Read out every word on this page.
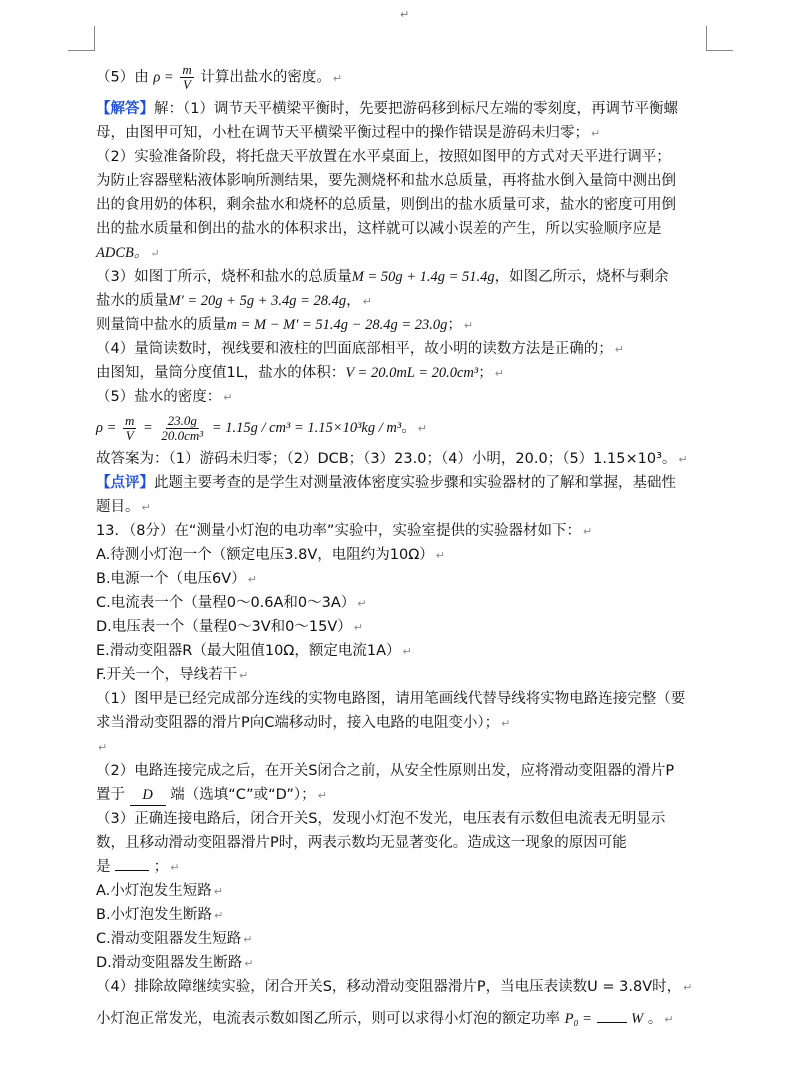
↵
（5）由 $\rho = \frac{m}{V}$ 计算出盐水的密度。 ↵
【解答】解：（1）调节天平横梁平衡时，先要把游码移到标尺左端的零刻度，再调节平衡螺
母，由图甲可知，小杜在调节天平横梁平衡过程中的操作错误是游码未归零； ↵
（2）实验准备阶段，将托盘天平放置在水平桌面上，按照如图甲的方式对天平进行调平；
为防止容器壁粘液体影响所测结果，要先测烧杯和盐水总质量，再将盐水倒入量筒中测出倒
出的食用奶的体积，剩余盐水和烧杯的总质量，则倒出的盐水质量可求，盐水的密度可用倒
出的盐水质量和倒出的盐水的体积求出，这样就可以减小误差的产生，所以实验顺序应是
ADCB。 ↵
（3）如图丁所示，烧杯和盐水的总质量M = 50g + 1.4g = 51.4g，如图乙所示，烧杯与剩余
盐水的质量M′ = 20g + 5g + 3.4g = 28.4g， ↵
则量筒中盐水的质量m = M − M′ = 51.4g − 28.4g = 23.0g； ↵
（4）量筒读数时，视线要和液柱的凹面底部相平，故小明的读数方法是正确的； ↵
由图知，量筒分度值1L，盐水的体积：V = 20.0mL = 20.0cm³； ↵
（5）盐水的密度： ↵
$\rho = \frac{m}{V} = \frac{23.0g}{\text{20.0cm³}} = 1.15g / cm^3 = 1.15\times 10^3kg / m^3$。 ↵
故答案为：（1）游码未归零；（2）DCB；（3）23.0；（4）小明，20.0；（5）1.15×10³。 ↵
【点评】此题主要考查的是学生对测量液体密度实验步骤和实验器材的了解和掌握，基础性
题目。 ↵
13．（8分）在“测量小灯泡的电功率”实验中，实验室提供的实验器材如下： ↵
A.待测小灯泡一个（额定电压3.8V，电阻约为10Ω） ↵
B.电源一个（电压6V） ↵
C.电流表一个（量程0～0.6A和0～3A） ↵
D.电压表一个（量程0～3V和0～15V） ↵
E.滑动变阻器R（最大阻值10Ω，额定电流1A） ↵
F.开关一个，导线若干 ↵
（1）图甲是已经完成部分连线的实物电路图，请用笔画线代替导线将实物电路连接完整（要
求当滑动变阻器的滑片P向C端移动时，接入电路的电阻变小）； ↵
↵
（2）电路连接完成之后，在开关S闭合之前，从安全性原则出发，应将滑动变阻器的滑片P
置于 D 端（选填“C”或“D”）； ↵
（3）正确连接电路后，闭合开关S，发现小灯泡不发光，电压表有示数但电流表无明显示
数，且移动滑动变阻器滑片P时，两表示数均无显著变化。造成这一现象的原因可能
是	； ↵
A.小灯泡发生短路 ↵
B.小灯泡发生断路 ↵
C.滑动变阻器发生短路 ↵
D.滑动变阻器发生断路 ↵
（4）排除故障继续实验，闭合开关S，移动滑动变阻器滑片P，当电压表读数U = 3.8V时， ↵
小灯泡正常发光，电流表示数如图乙所示，则可以求得小灯泡的额定功率 P₀ =	W 。 ↵
